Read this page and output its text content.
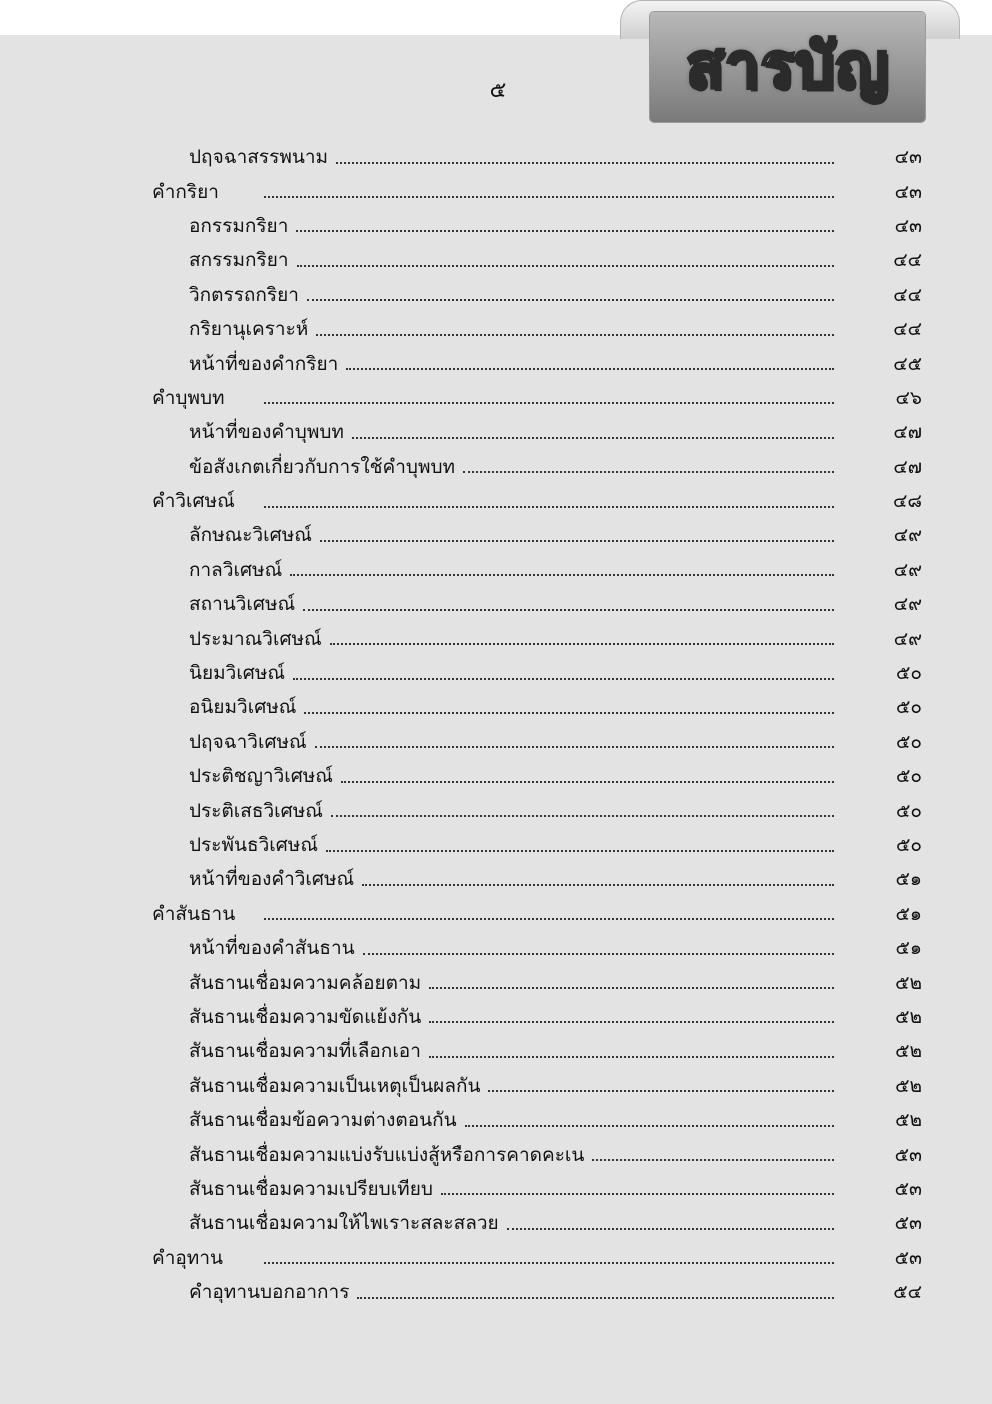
สารบัญ
๕
ปฤจฉาสรรพนาม	๔๓
คำกริยา	๔๓
อกรรมกริยา	๔๓
สกรรมกริยา	๔๔
วิกตรรถกริยา	๔๔
กริยานุเคราะห์	๔๔
หน้าที่ของคำกริยา	๔๕
คำบุพบท	๔๖
หน้าที่ของคำบุพบท	๔๗
ข้อสังเกตเกี่ยวกับการใช้คำบุพบท	๔๗
คำวิเศษณ์	๔๘
ลักษณะวิเศษณ์	๔๙
กาลวิเศษณ์	๔๙
สถานวิเศษณ์	๔๙
ประมาณวิเศษณ์	๔๙
นิยมวิเศษณ์	๕๐
อนิยมวิเศษณ์	๕๐
ปฤจฉาวิเศษณ์	๕๐
ประติชญาวิเศษณ์	๕๐
ประติเสธวิเศษณ์	๕๐
ประพันธวิเศษณ์	๕๐
หน้าที่ของคำวิเศษณ์	๕๑
คำสันธาน	๕๑
หน้าที่ของคำสันธาน	๕๑
สันธานเชื่อมความคล้อยตาม	๕๒
สันธานเชื่อมความขัดแย้งกัน	๕๒
สันธานเชื่อมความที่เลือกเอา	๕๒
สันธานเชื่อมความเป็นเหตุเป็นผลกัน	๕๒
สันธานเชื่อมข้อความต่างตอนกัน	๕๒
สันธานเชื่อมความแบ่งรับแบ่งสู้หรือการคาดคะเน	๕๓
สันธานเชื่อมความเปรียบเทียบ	๕๓
สันธานเชื่อมความให้ไพเราะสละสลวย	๕๓
คำอุทาน	๕๓
คำอุทานบอกอาการ	๕๔
